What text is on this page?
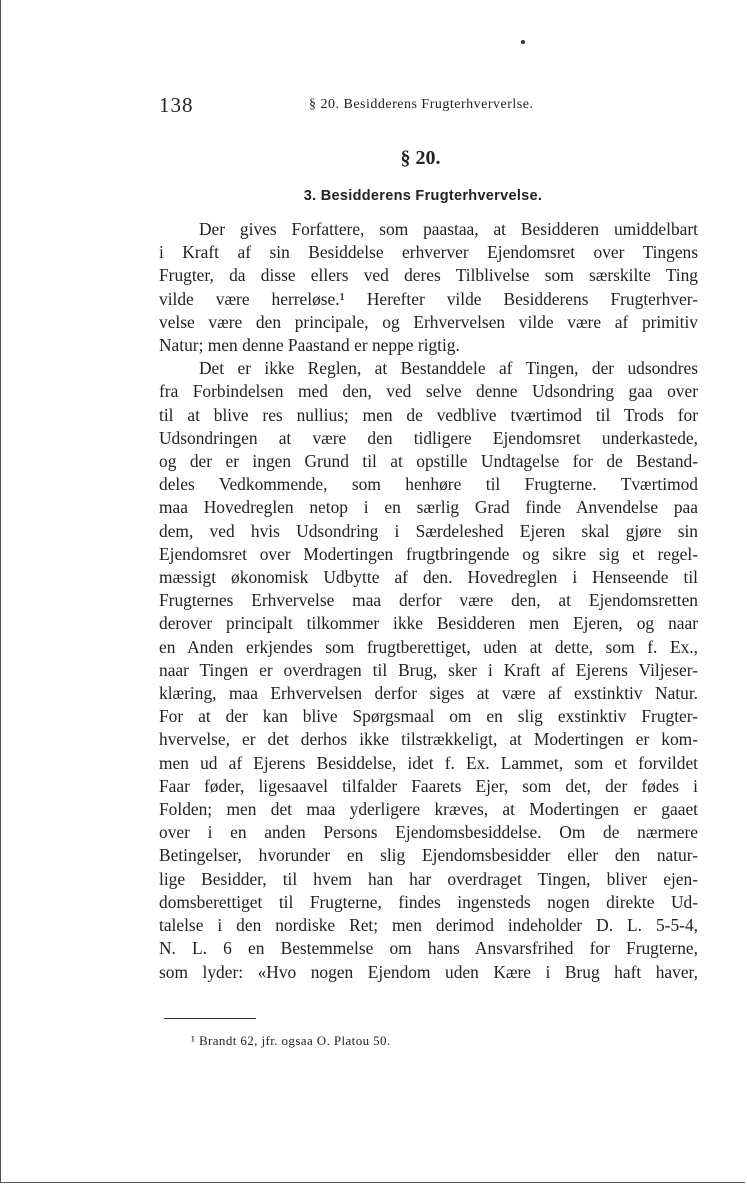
138	§ 20. Besidderens Frugterhververlse.
§ 20.
3. Besidderens Frugterhvervelse.

Der gives Forfattere, som paastaa, at Besidderen umiddelbart

i Kraft af sin Besiddelse erhverver Ejendomsret over Tingens

Frugter, da disse ellers ved deres Tilblivelse som særskilte Ting

vilde være herreløse.¹ Herefter vilde Besidderens Frugterhver-

velse være den principale, og Erhvervelsen vilde være af primitiv

Natur; men denne Paastand er neppe rigtig.

Det er ikke Reglen, at Bestanddele af Tingen, der udsondres

fra Forbindelsen med den, ved selve denne Udsondring gaa over

til at blive res nullius; men de vedblive tværtimod til Trods for

Udsondringen at være den tidligere Ejendomsret underkastede,

og der er ingen Grund til at opstille Undtagelse for de Bestand-

deles Vedkommende, som henhøre til Frugterne. Tværtimod

maa Hovedreglen netop i en særlig Grad finde Anvendelse paa

dem, ved hvis Udsondring i Særdeleshed Ejeren skal gjøre sin

Ejendomsret over Modertingen frugtbringende og sikre sig et regel-

mæssigt økonomisk Udbytte af den. Hovedreglen i Henseende til

Frugternes Erhvervelse maa derfor være den, at Ejendomsretten

derover principalt tilkommer ikke Besidderen men Ejeren, og naar

en Anden erkjendes som frugtberettiget, uden at dette, som f. Ex.,

naar Tingen er overdragen til Brug, sker i Kraft af Ejerens Viljeser-

klæring, maa Erhvervelsen derfor siges at være af exstinktiv Natur.

For at der kan blive Spørgsmaal om en slig exstinktiv Frugter-

hvervelse, er det derhos ikke tilstrækkeligt, at Modertingen er kom-

men ud af Ejerens Besiddelse, idet f. Ex. Lammet, som et forvildet

Faar føder, ligesaavel tilfalder Faarets Ejer, som det, der fødes i

Folden; men det maa yderligere kræves, at Modertingen er gaaet

over i en anden Persons Ejendomsbesiddelse. Om de nærmere

Betingelser, hvorunder en slig Ejendomsbesidder eller den natur-

lige Besidder, til hvem han har overdraget Tingen, bliver ejen-

domsberettiget til Frugterne, findes ingensteds nogen direkte Ud-

talelse i den nordiske Ret; men derimod indeholder D. L. 5-5-4,

N. L. 6 en Bestemmelse om hans Ansvarsfrihed for Frugterne,

som lyder: «Hvo nogen Ejendom uden Kære i Brug haft haver,

¹ Brandt 62, jfr. ogsaa O. Platou 50.
